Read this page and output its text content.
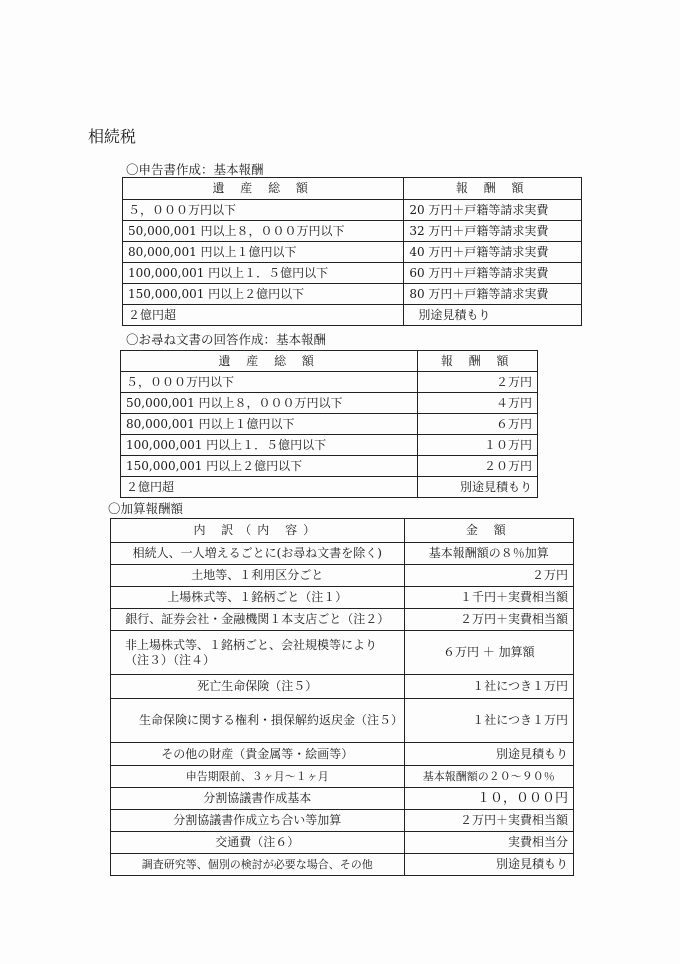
相続税
〇申告書作成：基本報酬
遺 産 総 額	報 酬 額
５，０００万円以下	20 万円＋戸籍等請求実費
50,000,001 円以上８，０００万円以下	32 万円＋戸籍等請求実費
80,000,001 円以上１億円以下	40 万円＋戸籍等請求実費
100,000,001 円以上１．５億円以下	60 万円＋戸籍等請求実費
150,000,001 円以上２億円以下	80 万円＋戸籍等請求実費
２億円超	別途見積もり
〇お尋ね文書の回答作成：基本報酬
遺 産 総 額	報 酬 額
５，０００万円以下	２万円
50,000,001 円以上８，０００万円以下	４万円
80,000,001 円以上１億円以下	６万円
100,000,001 円以上１．５億円以下	１０万円
150,000,001 円以上２億円以下	２０万円
２億円超	別途見積もり
〇加算報酬額
内 訳（内 容）	金 額
相続人、一人増えるごとに(お尋ね文書を除く)	基本報酬額の８％加算
土地等、１利用区分ごと	２万円
上場株式等、１銘柄ごと（注１）	１千円＋実費相当額
銀行、証券会社・金融機関１本支店ごと（注２）	２万円＋実費相当額
非上場株式等、１銘柄ごと、会社規模等により（注３）（注４）	６万円 ＋ 加算額
死亡生命保険（注５）	１社につき１万円
生命保険に関する権利・損保解約返戻金（注５）	１社につき１万円
その他の財産（貴金属等・絵画等）	別途見積もり
申告期限前、３ヶ月～１ヶ月	基本報酬額の２０～９０％
分割協議書作成基本	１０，０００円
分割協議書作成立ち合い等加算	２万円＋実費相当額
交通費（注６）	実費相当分
調査研究等、個別の検討が必要な場合、その他	別途見積もり
